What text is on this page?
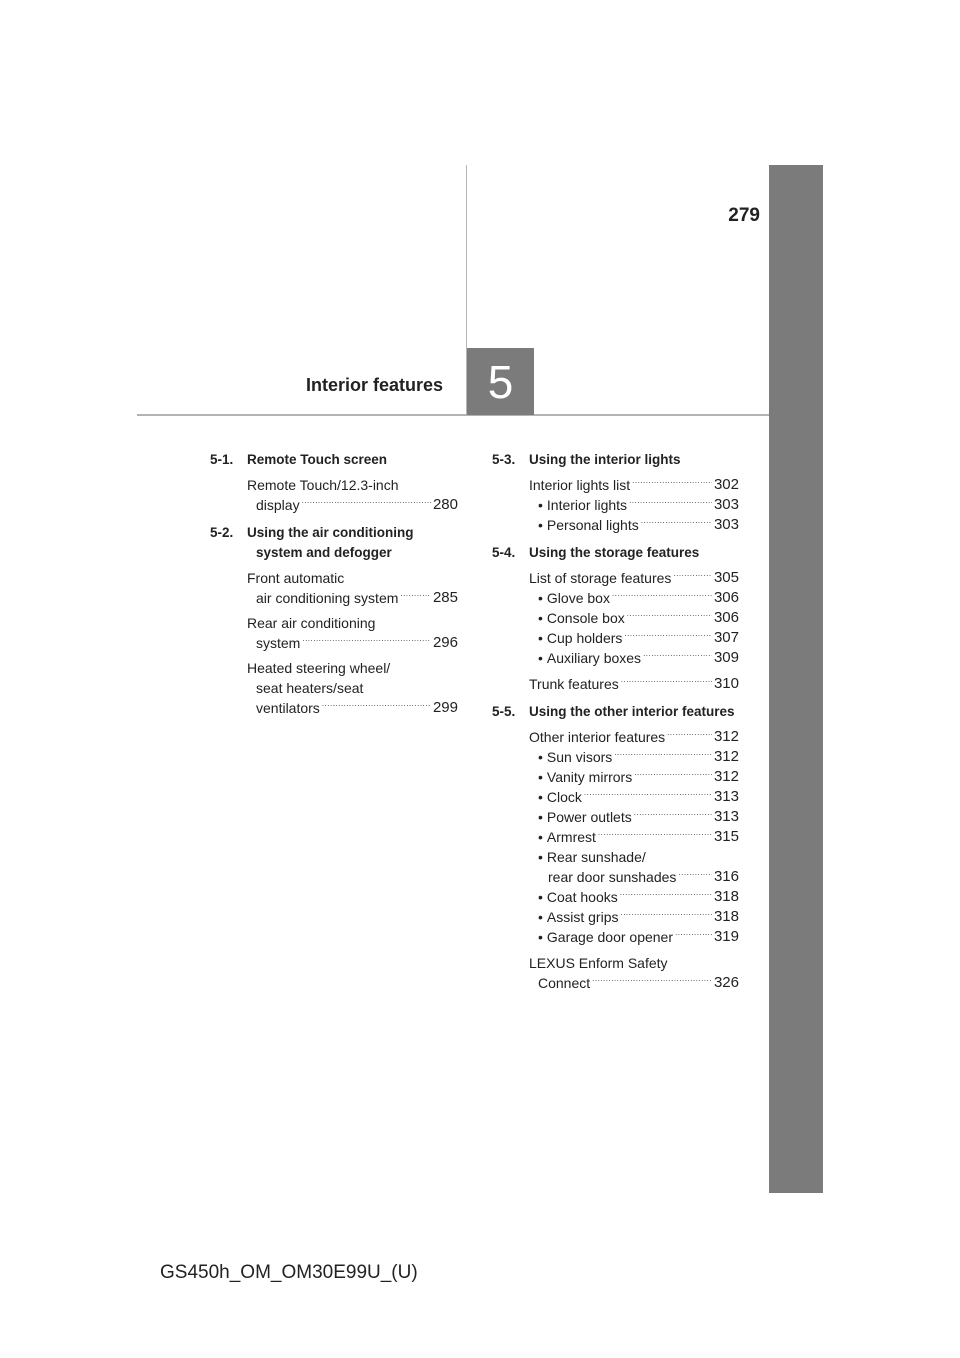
279
Interior features 5
5-1.	Remote Touch screen
Remote Touch/12.3-inch
display .....	280
5-2.	Using the air conditioning
system and defogger
Front automatic
air conditioning system ..... 285
Rear air conditioning
system .....	296
Heated steering wheel/
seat heaters/seat
ventilators .....	299
5-3.	Using the interior lights
Interior lights list .....	302
• Interior lights .....	303
• Personal lights .....	303
5-4.	Using the storage features
List of storage features .....	305
• Glove box .....	306
• Console box .....	306
• Cup holders .....	307
• Auxiliary boxes .....	309
Trunk features .....	310
5-5.	Using the other interior features
Other interior features .....	312
• Sun visors .....	312
• Vanity mirrors .....	312
• Clock .....	313
• Power outlets .....	313
• Armrest .....	315
• Rear sunshade/
rear door sunshades .....	316
• Coat hooks .....	318
• Assist grips .....	318
• Garage door opener .....	319
LEXUS Enform Safety
Connect .....	326
GS450h_OM_OM30E99U_(U)
